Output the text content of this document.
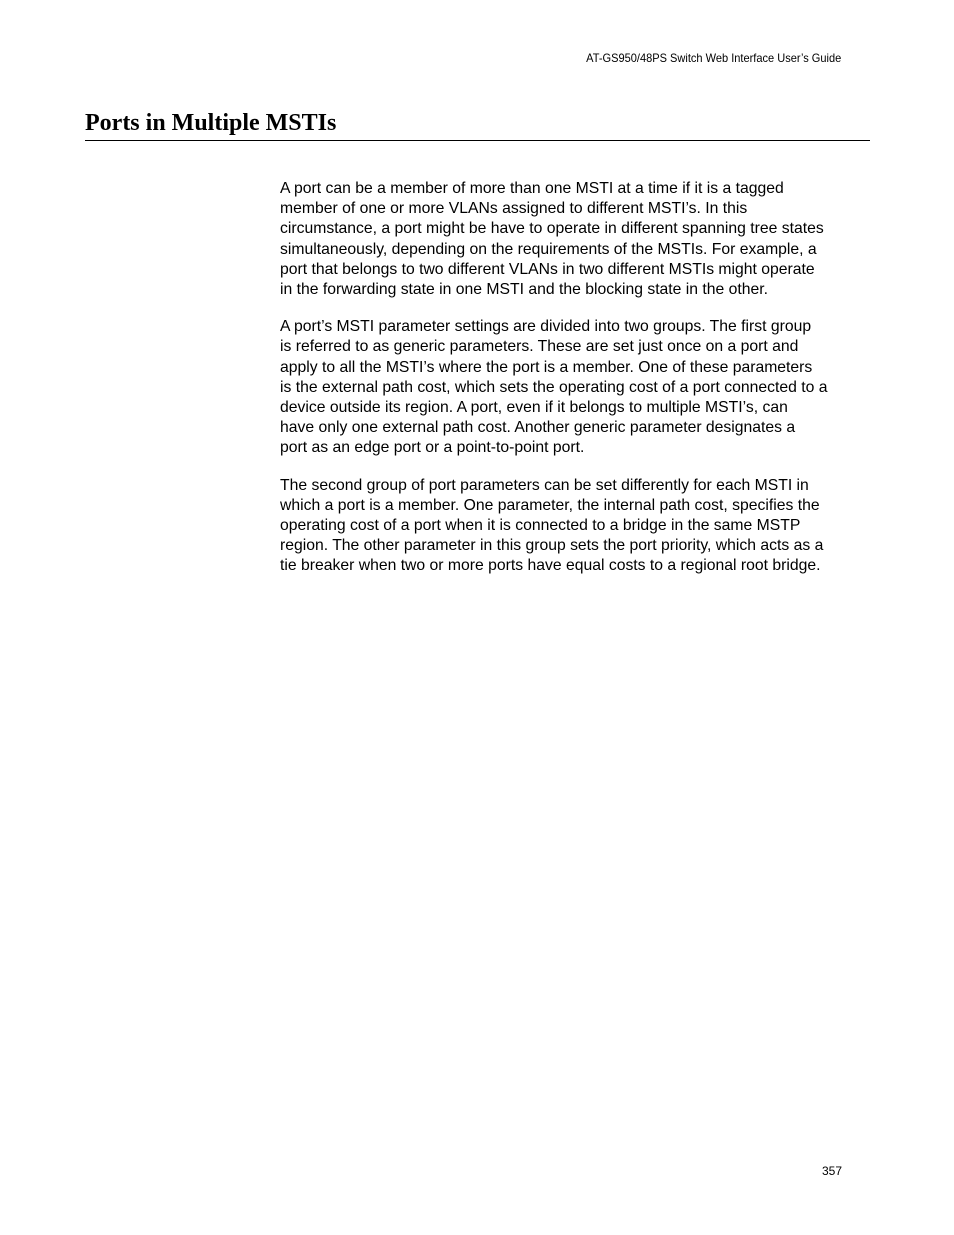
AT-GS950/48PS Switch Web Interface User’s Guide
Ports in Multiple MSTIs

A port can be a member of more than one MSTI at a time if it is a tagged
member of one or more VLANs assigned to different MSTI’s. In this
circumstance, a port might be have to operate in different spanning tree states
simultaneously, depending on the requirements of the MSTIs. For example, a
port that belongs to two different VLANs in two different MSTIs might operate
in the forwarding state in one MSTI and the blocking state in the other.

A port’s MSTI parameter settings are divided into two groups. The first group
is referred to as generic parameters. These are set just once on a port and
apply to all the MSTI’s where the port is a member. One of these parameters
is the external path cost, which sets the operating cost of a port connected to a
device outside its region. A port, even if it belongs to multiple MSTI’s, can
have only one external path cost. Another generic parameter designates a
port as an edge port or a point-to-point port.

The second group of port parameters can be set differently for each MSTI in
which a port is a member. One parameter, the internal path cost, specifies the
operating cost of a port when it is connected to a bridge in the same MSTP
region. The other parameter in this group sets the port priority, which acts as a
tie breaker when two or more ports have equal costs to a regional root bridge.

357
